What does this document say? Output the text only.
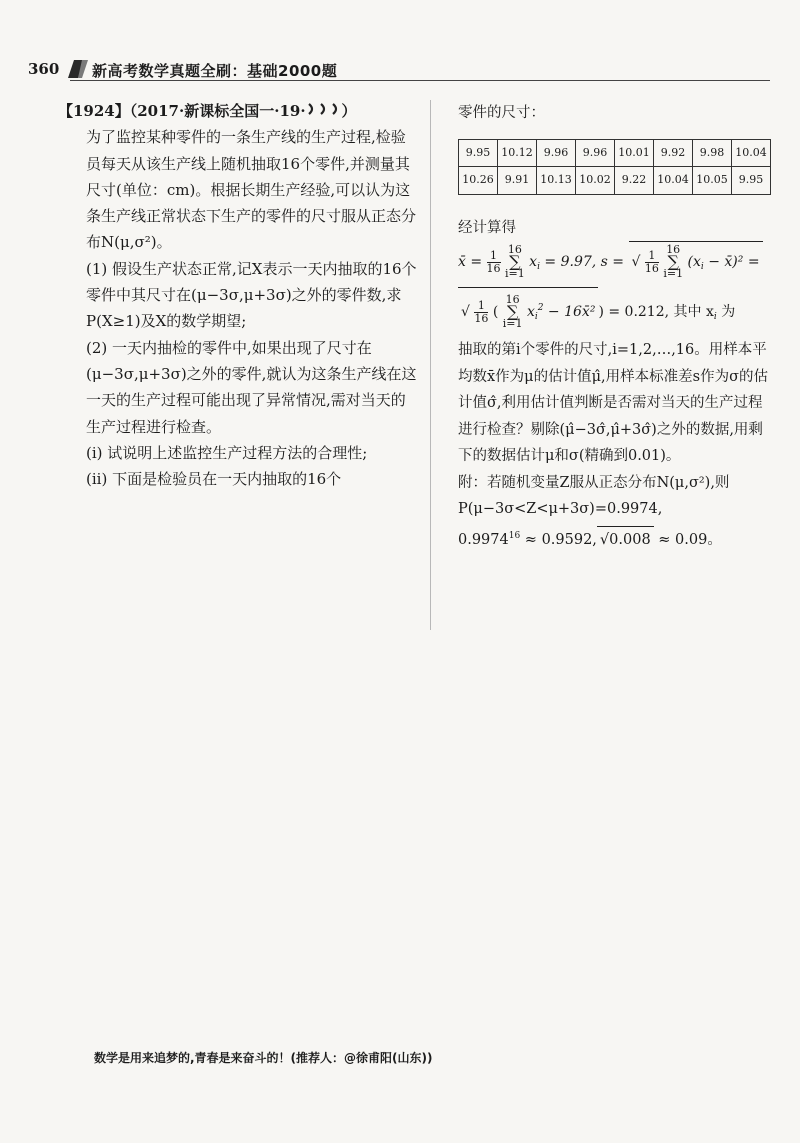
360 新高考数学真题全刷：基础2000题

【1924】（2017·新课标全国一·19· ）

为了监控某种零件的一条生产线的生产过程,检验员每天从该生产线上随机抽取16个零件,并测量其尺寸(单位：cm)。根据长期生产经验,可以认为这条生产线正常状态下生产的零件的尺寸服从正态分布N(μ,σ²)。

(1) 假设生产状态正常,记X表示一天内抽取的16个零件中其尺寸在(μ−3σ,μ+3σ)之外的零件数,求P(X≥1)及X的数学期望;

(2) 一天内抽检的零件中,如果出现了尺寸在(μ−3σ,μ+3σ)之外的零件,就认为这条生产线在这一天的生产过程可能出现了异常情况,需对当天的生产过程进行检查。

(i) 试说明上述监控生产过程方法的合理性;

(ii) 下面是检验员在一天内抽取的16个

零件的尺寸：

9.95	10.12	9.96	9.96	10.01	9.92	9.98	10.04
10.26	9.91	10.13	10.02	9.22	10.04	10.05	9.95

经计算得

x̄ = $\frac{1}{16}$
16
∑
i=1
$x_i = 9.97$, s = √ $\frac{1}{16}$
16
∑
i=1
($x_i$ − x̄)² =
√ $\frac{1}{16}$ (
16
∑
i=1
$x_i^2$ − 16x̄² ) = 0.212, 其中 $x_i$ 为

抽取的第i个零件的尺寸,i=1,2,…,16。用样本平均数x̄作为μ的估计值μ̂,用样本标准差s作为σ的估计值σ̂,利用估计值判断是否需对当天的生产过程进行检查？剔除(μ̂−3σ̂,μ̂+3σ̂)之外的数据,用剩下的数据估计μ和σ(精确到0.01)。

附：若随机变量Z服从正态分布N(μ,σ²),则P(μ−3σ<Z<μ+3σ)=0.9974,
$0.9974^{16} \approx 0.9592$, √0.008 ≈ 0.09。

数学是用来追梦的,青春是来奋斗的！(推荐人：@徐甫阳(山东))
